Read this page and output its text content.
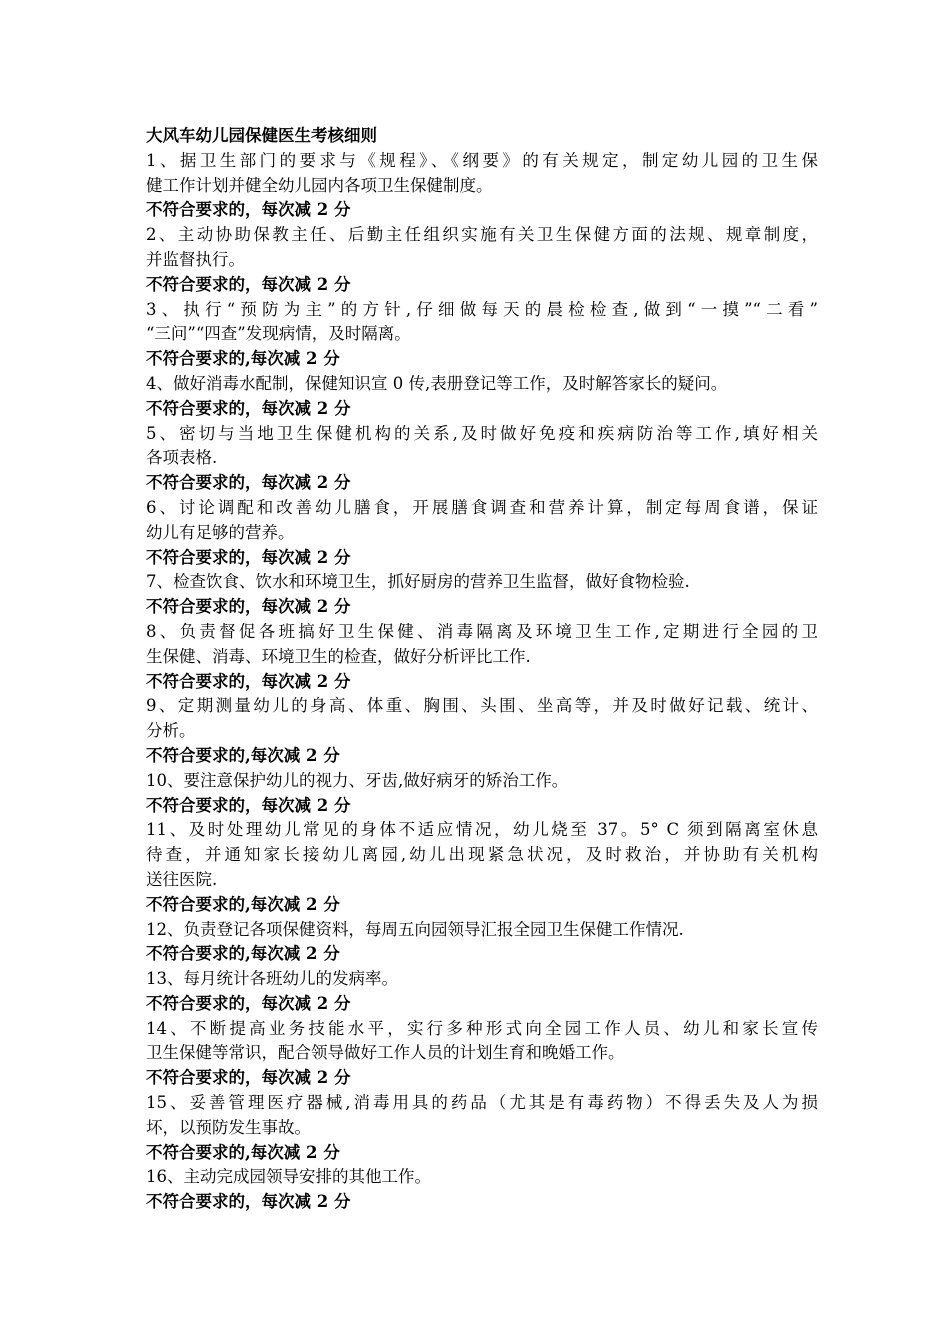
大风车幼儿园保健医生考核细则
1、据卫生部门的要求与《规程》、《纲要》的有关规定，制定幼儿园的卫生保
健工作计划并健全幼儿园内各项卫生保健制度。
不符合要求的，每次减 2 分
2、主动协助保教主任、后勤主任组织实施有关卫生保健方面的法规、规章制度，
并监督执行。
不符合要求的，每次减 2 分
3、执行“预防为主”的方针,仔细做每天的晨检检查,做到“一摸”“二看”
“三问”“四查”发现病情，及时隔离。
不符合要求的,每次减 2 分
4、做好消毒水配制，保健知识宣 0 传,表册登记等工作，及时解答家长的疑问。
不符合要求的，每次减 2 分
5、密切与当地卫生保健机构的关系,及时做好免疫和疾病防治等工作,填好相关
各项表格.
不符合要求的，每次减 2 分
6、讨论调配和改善幼儿膳食，开展膳食调查和营养计算，制定每周食谱，保证
幼儿有足够的营养。
不符合要求的，每次减 2 分
7、检查饮食、饮水和环境卫生，抓好厨房的营养卫生监督，做好食物检验.
不符合要求的，每次减 2 分
8、负责督促各班搞好卫生保健、消毒隔离及环境卫生工作,定期进行全园的卫
生保健、消毒、环境卫生的检查，做好分析评比工作.
不符合要求的，每次减 2 分
9、定期测量幼儿的身高、体重、胸围、头围、坐高等，并及时做好记载、统计、
分析。
不符合要求的,每次减 2 分
10、要注意保护幼儿的视力、牙齿,做好病牙的矫治工作。
不符合要求的，每次减 2 分
11、及时处理幼儿常见的身体不适应情况，幼儿烧至 37。5° C 须到隔离室休息
待查，并通知家长接幼儿离园,幼儿出现紧急状况，及时救治，并协助有关机构
送往医院.
不符合要求的,每次减 2 分
12、负责登记各项保健资料，每周五向园领导汇报全园卫生保健工作情况.
不符合要求的,每次减 2 分
13、每月统计各班幼儿的发病率。
不符合要求的，每次减 2 分
14、不断提高业务技能水平，实行多种形式向全园工作人员、幼儿和家长宣传
卫生保健等常识，配合领导做好工作人员的计划生育和晚婚工作。
不符合要求的，每次减 2 分
15、妥善管理医疗器械,消毒用具的药品（尤其是有毒药物）不得丢失及人为损
坏，以预防发生事故。
不符合要求的,每次减 2 分
16、主动完成园领导安排的其他工作。
不符合要求的，每次减 2 分
